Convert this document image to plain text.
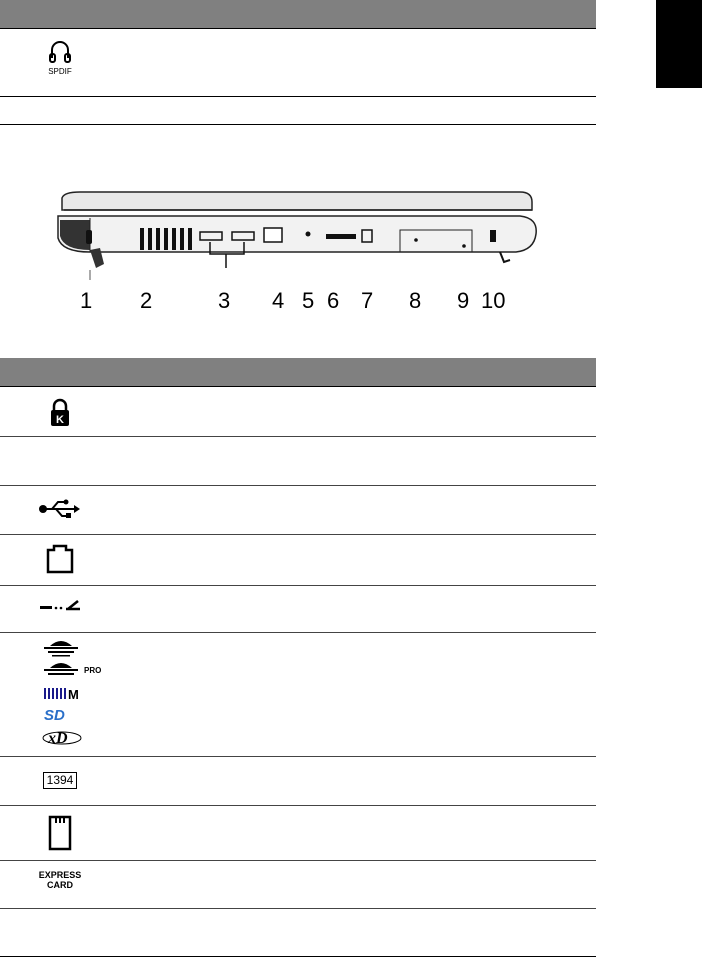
SPDIF
1 2	3 4 5 6 7 8 9 10
K
PRO
M
SD
xD
1394
EXPRESS
CARD
